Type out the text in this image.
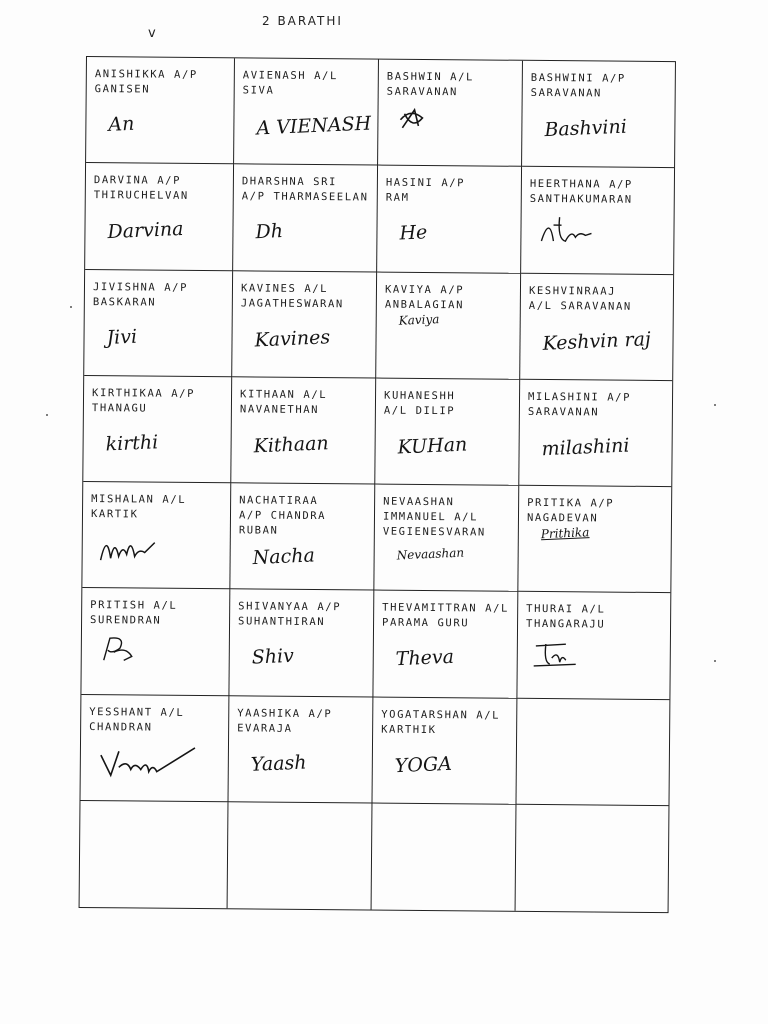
v
2 BARATHI
ANISHIKKA A/P
GANISEN
An
AVIENASH A/L
SIVA
A VIENASH
BASHWIN A/L
SARAVANAN
BASHWINI A/P
SARAVANAN
Bashvini
DARVINA A/P
THIRUCHELVAN
Darvina
DHARSHNA SRI
A/P THARMASEELAN
Dh
HASINI A/P
RAM
He
HEERTHANA A/P
SANTHAKUMARAN
JIVISHNA A/P
BASKARAN
Jivi
KAVINES A/L
JAGATHESWARAN
Kavines
KAVIYA A/P
ANBALAGIAN
Kaviya
KESHVINRAAJ
A/L SARAVANAN
Keshvin raj
KIRTHIKAA A/P
THANAGU
kirthi
KITHAAN A/L
NAVANETHAN
Kithaan
KUHANESHH
A/L DILIP
KUHan
MILASHINI A/P
SARAVANAN
milashini
MISHALAN A/L
KARTIK
NACHATIRAA
A/P CHANDRA
RUBAN
Nacha
NEVAASHAN
IMMANUEL A/L
VEGIENESVARAN
Nevaashan
PRITIKA A/P
NAGADEVAN
Prithika
PRITISH A/L
SURENDRAN
SHIVANYAA A/P
SUHANTHIRAN
Shiv
THEVAMITTRAN A/L
PARAMA GURU
Theva
THURAI A/L
THANGARAJU
YESSHANT A/L
CHANDRAN
YAASHIKA A/P
EVARAJA
Yaash
YOGATARSHAN A/L
KARTHIK
YOGA
